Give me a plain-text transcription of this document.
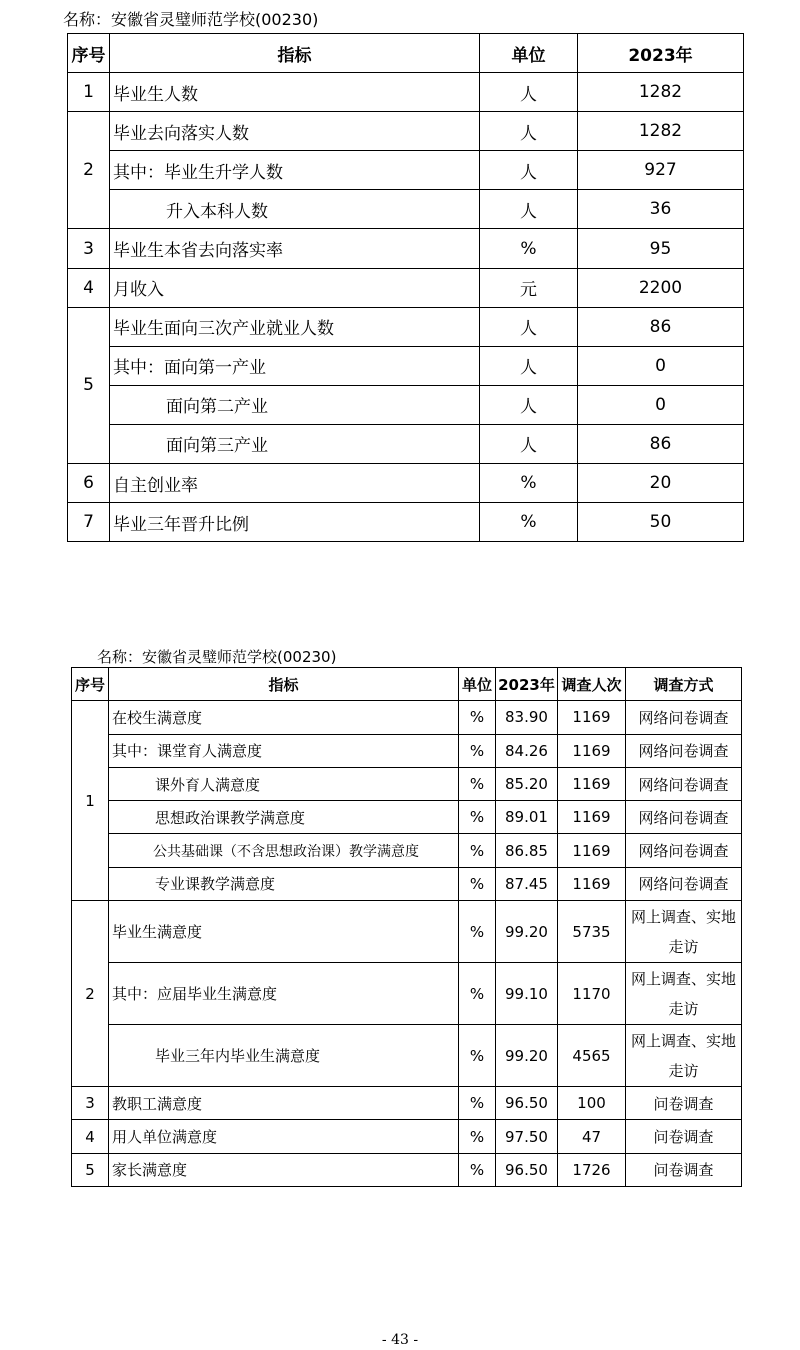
名称：安徽省灵璧师范学校(00230)
序号	指标	单位	2023年
1	毕业生人数	人	1282
2	毕业去向落实人数	人	1282
	其中：毕业生升学人数	人	927
	升入本科人数	人	36
3	毕业生本省去向落实率	%	95
4	月收入	元	2200
5	毕业生面向三次产业就业人数	人	86
	其中：面向第一产业	人	0
	面向第二产业	人	0
	面向第三产业	人	86
6	自主创业率	%	20
7	毕业三年晋升比例	%	50
名称：安徽省灵璧师范学校(00230)
序号	指标	单位	2023年	调查人次	调查方式
1	在校生满意度	%	83.90	1169	网络问卷调查
	其中：课堂育人满意度	%	84.26	1169	网络问卷调查
	课外育人满意度	%	85.20	1169	网络问卷调查
	思想政治课教学满意度	%	89.01	1169	网络问卷调查
	公共基础课（不含思想政治课）教学满意度	%	86.85	1169	网络问卷调查
	专业课教学满意度	%	87.45	1169	网络问卷调查
2	毕业生满意度	%	99.20	5735	网上调查、实地走访
	其中：应届毕业生满意度	%	99.10	1170	网上调查、实地走访
	毕业三年内毕业生满意度	%	99.20	4565	网上调查、实地走访
3	教职工满意度	%	96.50	100	问卷调查
4	用人单位满意度	%	97.50	47	问卷调查
5	家长满意度	%	96.50	1726	问卷调查
- 43 -
